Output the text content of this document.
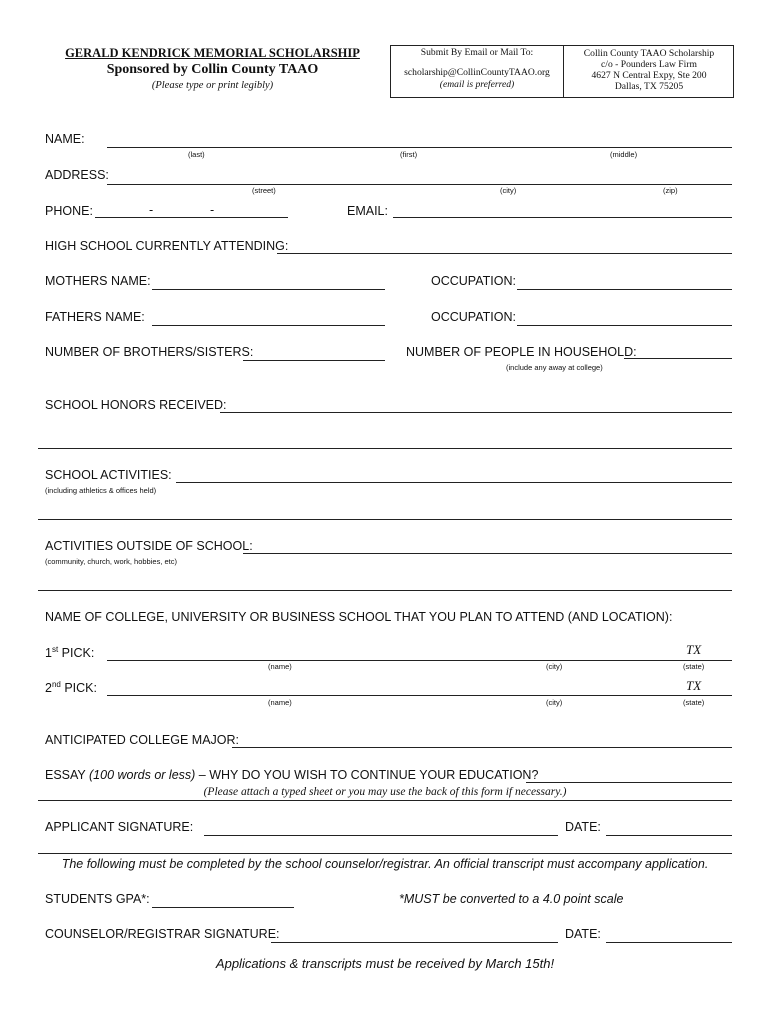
GERALD KENDRICK MEMORIAL SCHOLARSHIP
Sponsored by Collin County TAAO
(Please type or print legibly)
Submit By Email or Mail To:
scholarship@CollinCountyTAAO.org
(email is preferred)
Collin County TAAO Scholarship
c/o - Pounders Law Firm
4627 N Central Expy, Ste 200
Dallas, TX 75205
NAME:
(last)	(first)	(middle)
ADDRESS:
(street)	(city)	(zip)
PHONE:	-	-	EMAIL:
HIGH SCHOOL CURRENTLY ATTENDING:
MOTHERS NAME:	OCCUPATION:
FATHERS NAME:	OCCUPATION:
NUMBER OF BROTHERS/SISTERS:	NUMBER OF PEOPLE IN HOUSEHOLD:
(include any away at college)
SCHOOL HONORS RECEIVED:
SCHOOL ACTIVITIES:
(including athletics & offices held)
ACTIVITIES OUTSIDE OF SCHOOL:
(community, church, work, hobbies, etc)
NAME OF COLLEGE, UNIVERSITY OR BUSINESS SCHOOL THAT YOU PLAN TO ATTEND (AND LOCATION):
1st PICK:	TX
(name)	(city)	(state)
2nd PICK:	TX
(name)	(city)	(state)
ANTICIPATED COLLEGE MAJOR:
ESSAY (100 words or less) – WHY DO YOU WISH TO CONTINUE YOUR EDUCATION?
(Please attach a typed sheet or you may use the back of this form if necessary.)
APPLICANT SIGNATURE:	DATE:
The following must be completed by the school counselor/registrar. An official transcript must accompany application.
STUDENTS GPA*:	*MUST be converted to a 4.0 point scale
COUNSELOR/REGISTRAR SIGNATURE:	DATE:
Applications & transcripts must be received by March 15th!
